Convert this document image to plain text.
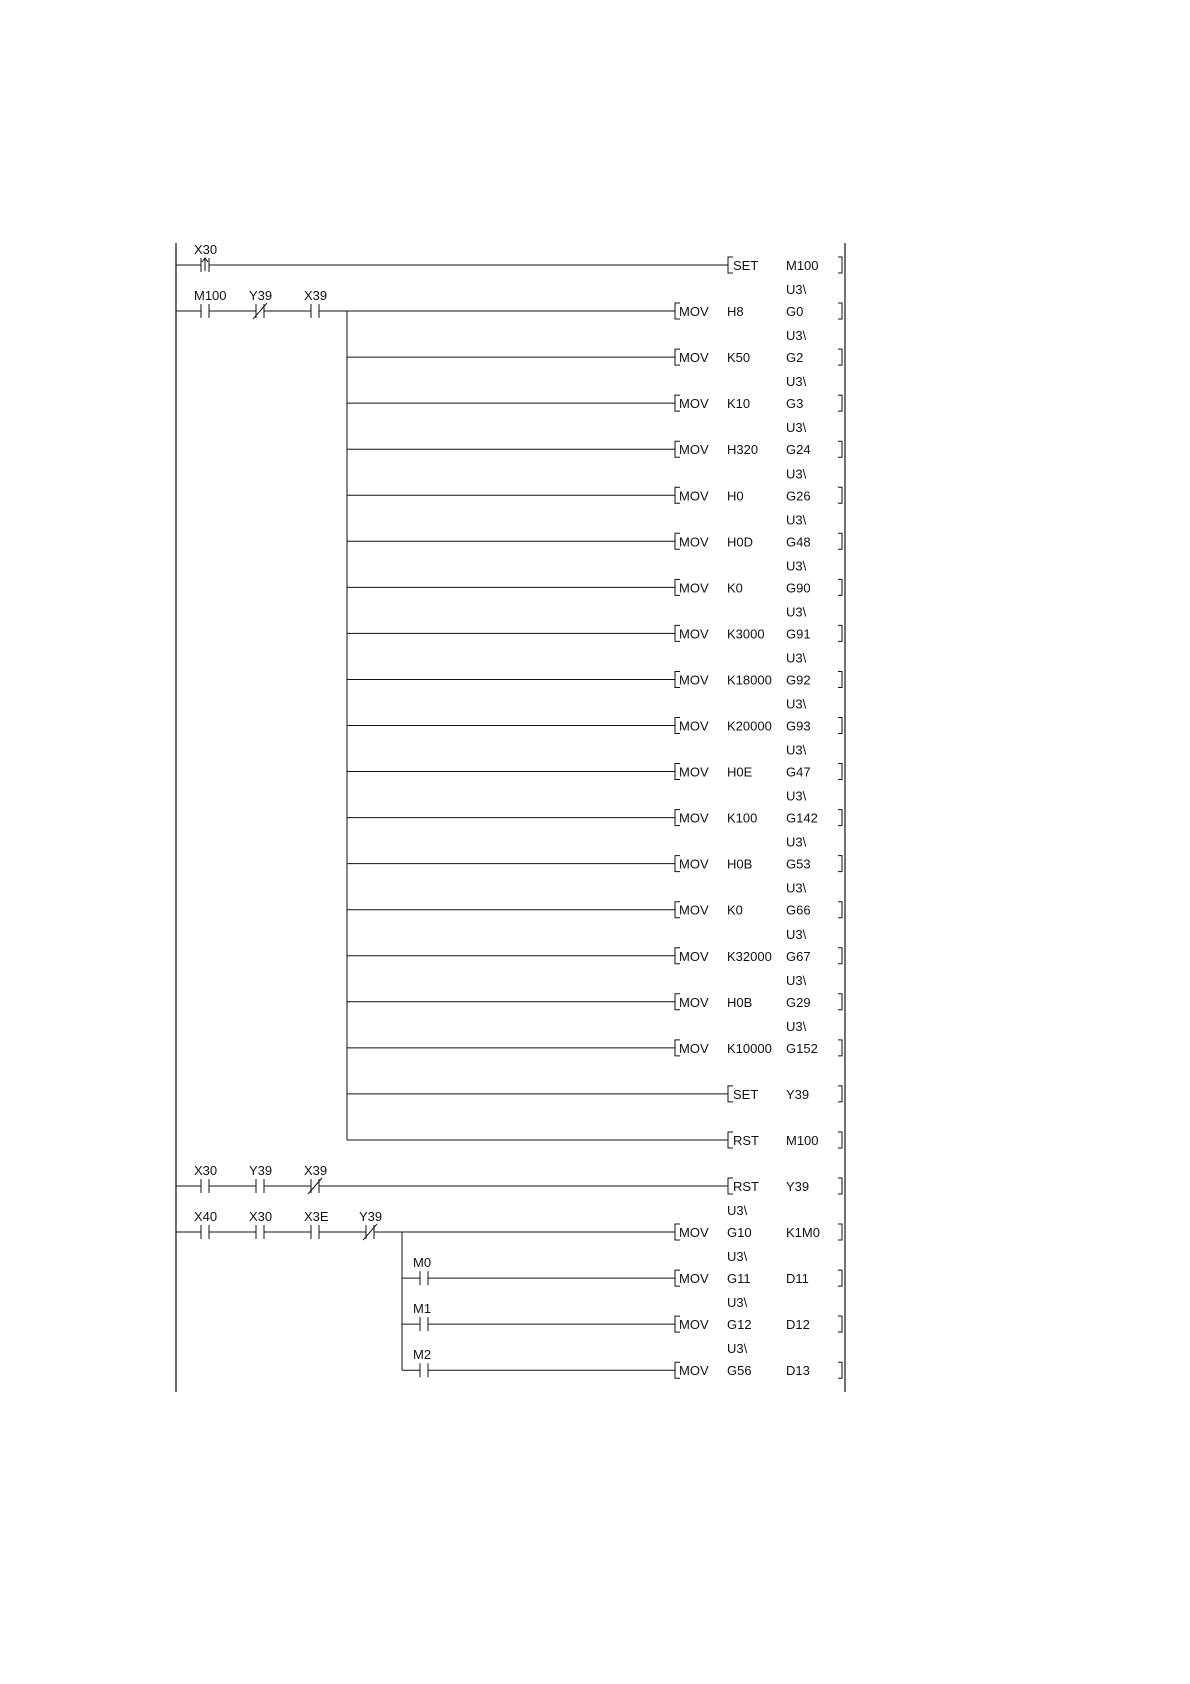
X30
SET M100
M100 Y39 X39
MOV H8
U3\
G0
MOV K50
U3\
G2
MOV K10
U3\
G3
MOV H320
U3\
G24
MOV H0
U3\
G26
MOV H0D
U3\
G48
MOV K0
U3\
G90
MOV K3000
U3\
G91
MOV K18000
U3\
G92
MOV K20000
U3\
G93
MOV H0E
U3\
G47
MOV K100
U3\
G142
MOV H0B
U3\
G53
MOV K0
U3\
G66
MOV K32000
U3\
G67
MOV H0B
U3\
G29
MOV K10000
U3\
G152
SET Y39
RST M100
X30 Y39 X39
RST Y39
X40 X30 X3E Y39
MOV
U3\
G10	K1M0
MOV
U3\
G11	D11
M0
MOV
U3\
G12	D12
M1
MOV
U3\
G56	D13
M2
